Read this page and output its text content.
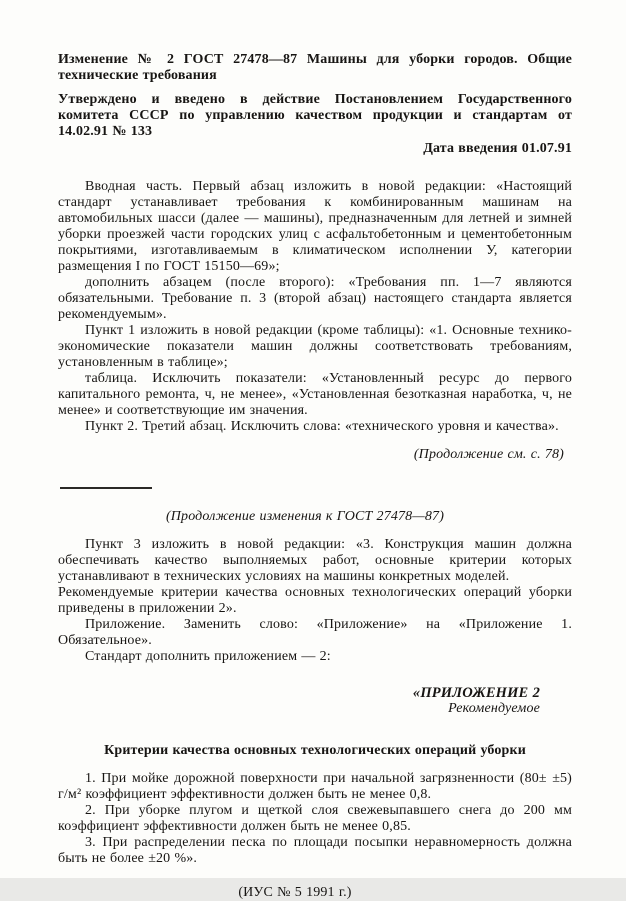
Изменение № 2 ГОСТ 27478—87 Машины для уборки городов. Общие технические требования

Утверждено и введено в действие Постановлением Государственного комитета СССР по управлению качеством продукции и стандартам от 14.02.91 № 133

Дата введения 01.07.91

Вводная часть. Первый абзац изложить в новой редакции: «Настоящий стандарт устанавливает требования к комбинированным машинам на автомобильных шасси (далее — машины), предназначенным для летней и зимней уборки проезжей части городских улиц с асфальтобетонным и цементобетонным покрытиями, изготавливаемым в климатическом исполнении У, категории размещения I по ГОСТ 15150—69»;

дополнить абзацем (после второго): «Требования пп. 1—7 являются обязательными. Требование п. 3 (второй абзац) настоящего стандарта является рекомендуемым».

Пункт 1 изложить в новой редакции (кроме таблицы): «1. Основные технико-экономические показатели машин должны соответствовать требованиям, установленным в таблице»;

таблица. Исключить показатели: «Установленный ресурс до первого капитального ремонта, ч, не менее», «Установленная безотказная наработка, ч, не менее» и соответствующие им значения.

Пункт 2. Третий абзац. Исключить слова: «технического уровня и качества».

(Продолжение см. с. 78)

(Продолжение изменения к ГОСТ 27478—87)

Пункт 3 изложить в новой редакции: «3. Конструкция машин должна обеспечивать качество выполняемых работ, основные критерии которых устанавливают в технических условиях на машины конкретных моделей.

Рекомендуемые критерии качества основных технологических операций уборки приведены в приложении 2».

Приложение. Заменить слово: «Приложение» на «Приложение 1. Обязательное».

Стандарт дополнить приложением — 2:

«ПРИЛОЖЕНИЕ 2

Рекомендуемое

Критерии качества основных технологических операций уборки

1. При мойке дорожной поверхности при начальной загрязненности (80± ±5) г/м² коэффициент эффективности должен быть не менее 0,8.

2. При уборке плугом и щеткой слоя свежевыпавшего снега до 200 мм коэффициент эффективности должен быть не менее 0,85.

3. При распределении песка по площади посыпки неравномерность должна быть не более ±20 %».

(ИУС № 5 1991 г.)
